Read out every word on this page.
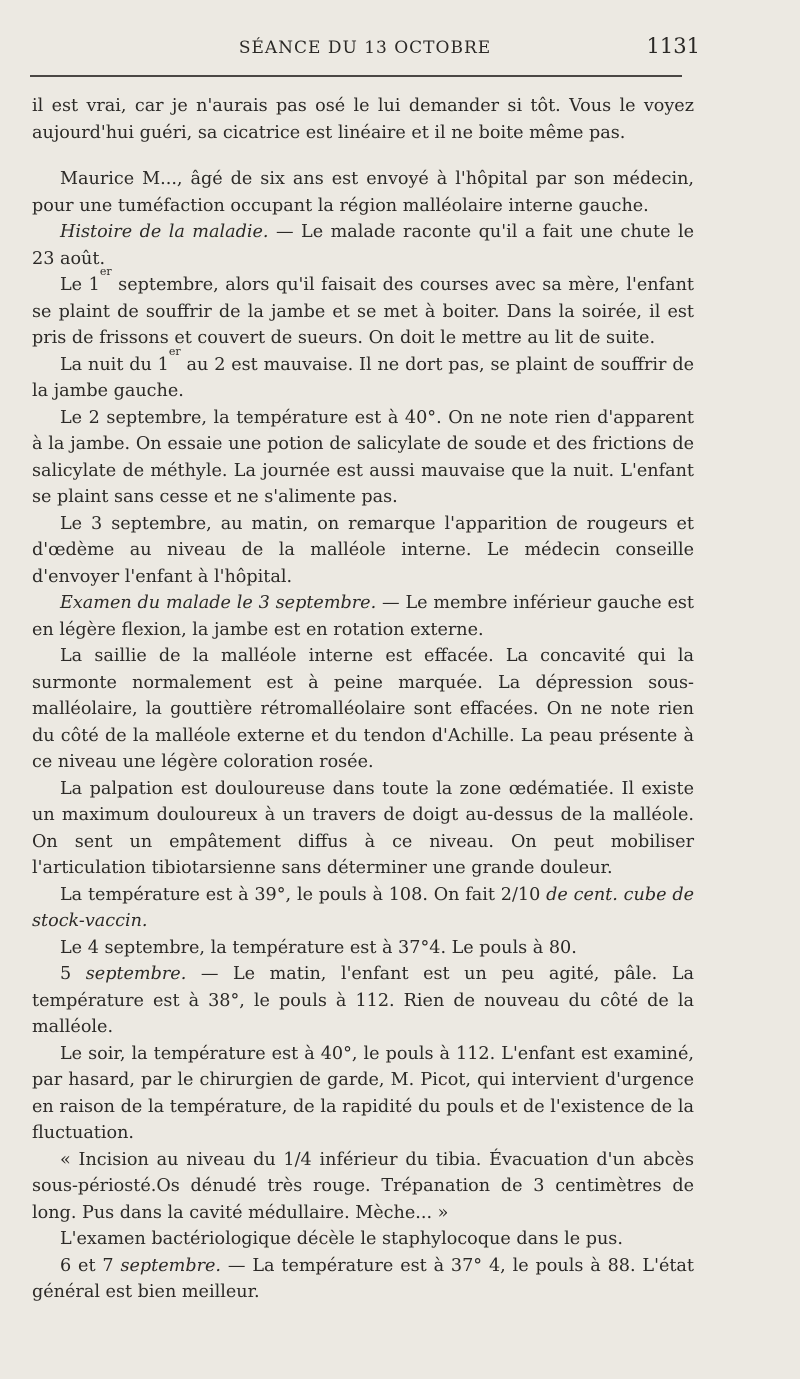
SÉANCE DU 13 OCTOBRE	1131

il est vrai, car je n'aurais pas osé le lui demander si tôt. Vous le voyez aujourd'hui guéri, sa cicatrice est linéaire et il ne boite même pas.

Maurice M..., âgé de six ans est envoyé à l'hôpital par son médecin, pour une tuméfaction occupant la région malléolaire interne gauche.

Histoire de la maladie. — Le malade raconte qu'il a fait une chute le 23 août.

Le 1er septembre, alors qu'il faisait des courses avec sa mère, l'enfant se plaint de souffrir de la jambe et se met à boiter. Dans la soirée, il est pris de frissons et couvert de sueurs. On doit le mettre au lit de suite.

La nuit du 1er au 2 est mauvaise. Il ne dort pas, se plaint de souffrir de la jambe gauche.

Le 2 septembre, la température est à 40°. On ne note rien d'apparent à la jambe. On essaie une potion de salicylate de soude et des frictions de salicylate de méthyle. La journée est aussi mauvaise que la nuit. L'enfant se plaint sans cesse et ne s'alimente pas.

Le 3 septembre, au matin, on remarque l'apparition de rougeurs et d'œdème au niveau de la malléole interne. Le médecin conseille d'envoyer l'enfant à l'hôpital.

Examen du malade le 3 septembre. — Le membre inférieur gauche est en légère flexion, la jambe est en rotation externe.

La saillie de la malléole interne est effacée. La concavité qui la surmonte normalement est à peine marquée. La dépression sous-malléolaire, la gouttière rétromalléolaire sont effacées. On ne note rien du côté de la malléole externe et du tendon d'Achille. La peau présente à ce niveau une légère coloration rosée.

La palpation est douloureuse dans toute la zone œdématiée. Il existe un maximum douloureux à un travers de doigt au-dessus de la malléole. On sent un empâtement diffus à ce niveau. On peut mobiliser l'articulation tibiotarsienne sans déterminer une grande douleur.

La température est à 39°, le pouls à 108. On fait 2/10 de cent. cube de stock-vaccin.

Le 4 septembre, la température est à 37°4. Le pouls à 80.

5 septembre. — Le matin, l'enfant est un peu agité, pâle. La température est à 38°, le pouls à 112. Rien de nouveau du côté de la malléole.

Le soir, la température est à 40°, le pouls à 112. L'enfant est examiné, par hasard, par le chirurgien de garde, M. Picot, qui intervient d'urgence en raison de la température, de la rapidité du pouls et de l'existence de la fluctuation.

« Incision au niveau du 1/4 inférieur du tibia. Évacuation d'un abcès sous-périosté.Os dénudé très rouge. Trépanation de 3 centimètres de long. Pus dans la cavité médullaire. Mèche... »

L'examen bactériologique décèle le staphylocoque dans le pus.

6 et 7 septembre. — La température est à 37° 4, le pouls à 88. L'état général est bien meilleur.
